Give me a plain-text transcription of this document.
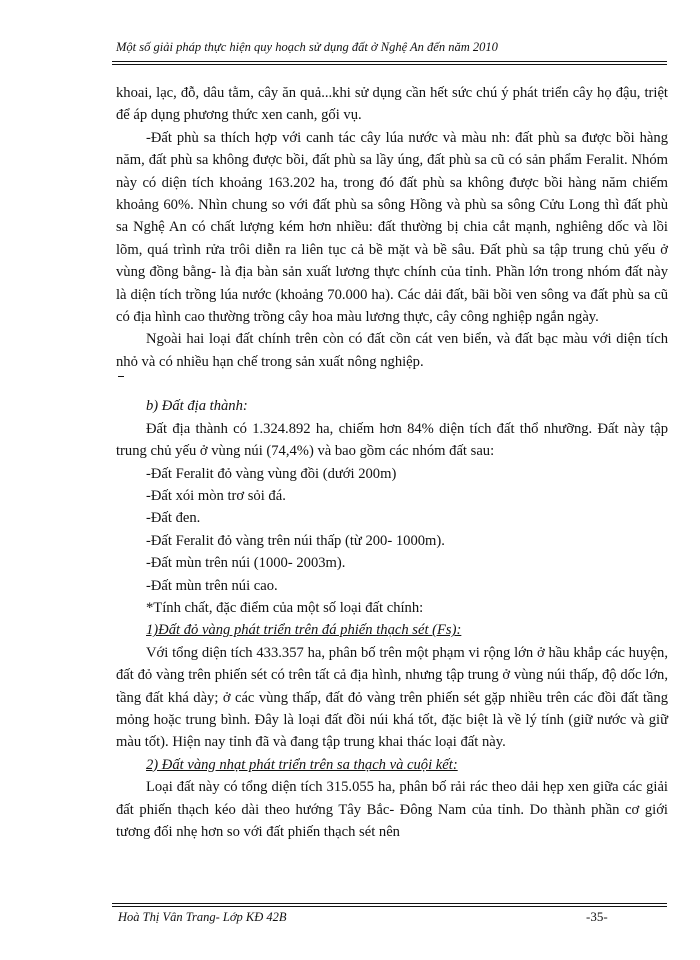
Một số giải pháp thực hiện quy hoạch sử dụng đất ở Nghệ An đến năm 2010

khoai, lạc, đỗ, dâu tằm, cây ăn quả...khi sử dụng cần hết sức chú ý phát triển cây họ đậu, triệt để áp dụng phương thức xen canh, gối vụ.

-Đất phù sa thích hợp với canh tác cây lúa nước và màu nh: đất phù sa được bồi hàng năm, đất phù sa không được bồi, đất phù sa lầy úng, đất phù sa cũ có sản phẩm Feralit. Nhóm này có diện tích khoảng 163.202 ha, trong đó đất phù sa không được bồi hàng năm chiếm khoảng 60%. Nhìn chung so với đất phù sa sông Hồng và phù sa sông Cửu Long thì đất phù sa Nghệ An có chất lượng kém hơn nhiều: đất thường bị chia cắt mạnh, nghiêng dốc và lồi lõm, quá trình rửa trôi diễn ra liên tục cả bề mặt và bề sâu. Đất phù sa tập trung chủ yếu ở vùng đồng bằng- là địa bàn sản xuất lương thực chính của tỉnh. Phần lớn trong nhóm đất này là diện tích trồng lúa nước (khoảng 70.000 ha). Các dải đất, bãi bồi ven sông va đất phù sa cũ có địa hình cao thường trồng cây hoa màu lương thực, cây công nghiệp ngắn ngày.

Ngoài hai loại đất chính trên còn có đất cồn cát ven biển, và đất bạc màu với diện tích nhỏ và có nhiều hạn chế trong sản xuất nông nghiệp.

b) Đất địa thành:

Đất địa thành có 1.324.892 ha, chiếm hơn 84% diện tích đất thổ nhưỡng. Đất này tập trung chủ yếu ở vùng núi (74,4%) và bao gồm các nhóm đất sau:

-Đất Feralit đỏ vàng vùng đồi (dưới 200m)

-Đất xói mòn trơ sỏi đá.

-Đất đen.

-Đất Feralit đỏ vàng trên núi thấp (từ 200- 1000m).

-Đất mùn trên núi (1000- 2003m).

-Đất mùn trên núi cao.

*Tính chất, đặc điểm của một số loại đất chính:

1)Đất đỏ vàng phát triển trên đá phiến thạch sét (Fs):

Với tổng diện tích 433.357 ha, phân bố trên một phạm vi rộng lớn ở hầu khắp các huyện, đất đỏ vàng trên phiến sét có trên tất cả địa hình, nhưng tập trung ở vùng núi thấp, độ dốc lớn, tầng đất khá dày; ở các vùng thấp, đất đỏ vàng trên phiến sét gặp nhiều trên các đồi đất tầng mỏng hoặc trung bình. Đây là loại đất đồi núi khá tốt, đặc biệt là về lý tính (giữ nước và giữ màu tốt). Hiện nay tỉnh đã và đang tập trung khai thác loại đất này.

2) Đất vàng nhạt phát triển trên sa thạch và cuội kết:

Loại đất này có tổng diện tích 315.055 ha, phân bố rải rác theo dải hẹp xen giữa các giải đất phiến thạch kéo dài theo hướng Tây Bắc- Đông Nam của tỉnh. Do thành phần cơ giới tương đối nhẹ hơn so với đất phiến thạch sét nên

Hoà Thị Vân Trang- Lớp KĐ 42B	-35-
